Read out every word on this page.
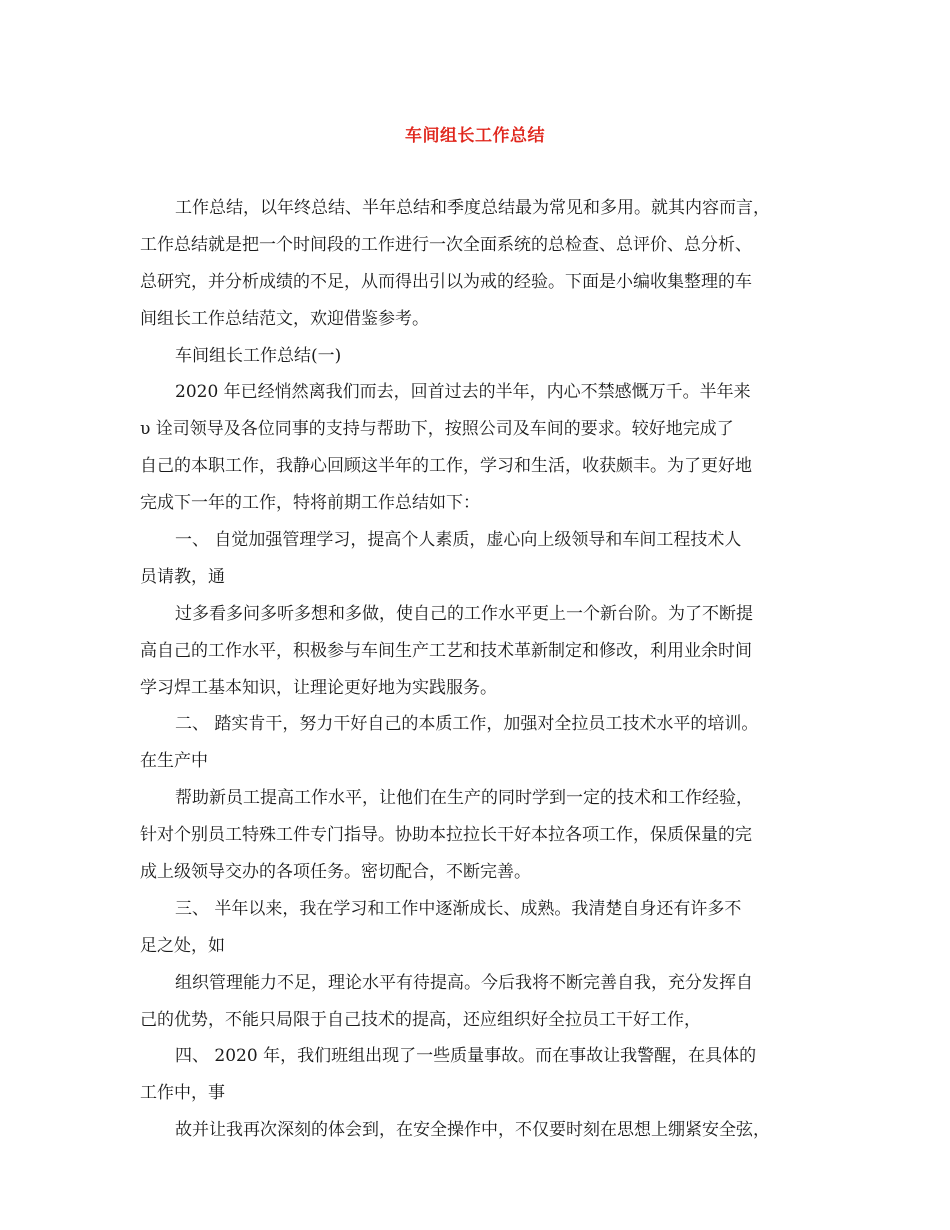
车间组长工作总结
工作总结，以年终总结、半年总结和季度总结最为常见和多用。就其内容而言，
工作总结就是把一个时间段的工作进行一次全面系统的总检查、总评价、总分析、
总研究，并分析成绩的不足，从而得出引以为戒的经验。下面是小编收集整理的车
间组长工作总结范文，欢迎借鉴参考。
车间组长工作总结(一)
2020 年已经悄然离我们而去，回首过去的半年，内心不禁感慨万千。半年来
υ 诠司领导及各位同事的支持与帮助下，按照公司及车间的要求。较好地完成了
自己的本职工作，我静心回顾这半年的工作，学习和生活，收获颇丰。为了更好地
完成下一年的工作，特将前期工作总结如下：
一、 自觉加强管理学习，提高个人素质，虚心向上级领导和车间工程技术人
员请教，通
过多看多问多听多想和多做，使自己的工作水平更上一个新台阶。为了不断提
高自己的工作水平，积极参与车间生产工艺和技术革新制定和修改，利用业余时间
学习焊工基本知识，让理论更好地为实践服务。
二、 踏实肯干，努力干好自己的本质工作，加强对全拉员工技术水平的培训。
在生产中
帮助新员工提高工作水平，让他们在生产的同时学到一定的技术和工作经验，
针对个别员工特殊工件专门指导。协助本拉拉长干好本拉各项工作，保质保量的完
成上级领导交办的各项任务。密切配合，不断完善。
三、 半年以来，我在学习和工作中逐渐成长、成熟。我清楚自身还有许多不
足之处，如
组织管理能力不足，理论水平有待提高。今后我将不断完善自我，充分发挥自
己的优势，不能只局限于自己技术的提高，还应组织好全拉员工干好工作，
四、 2020 年，我们班组出现了一些质量事故。而在事故让我警醒，在具体的
工作中，事
故并让我再次深刻的体会到，在安全操作中，不仅要时刻在思想上绷紧安全弦，
